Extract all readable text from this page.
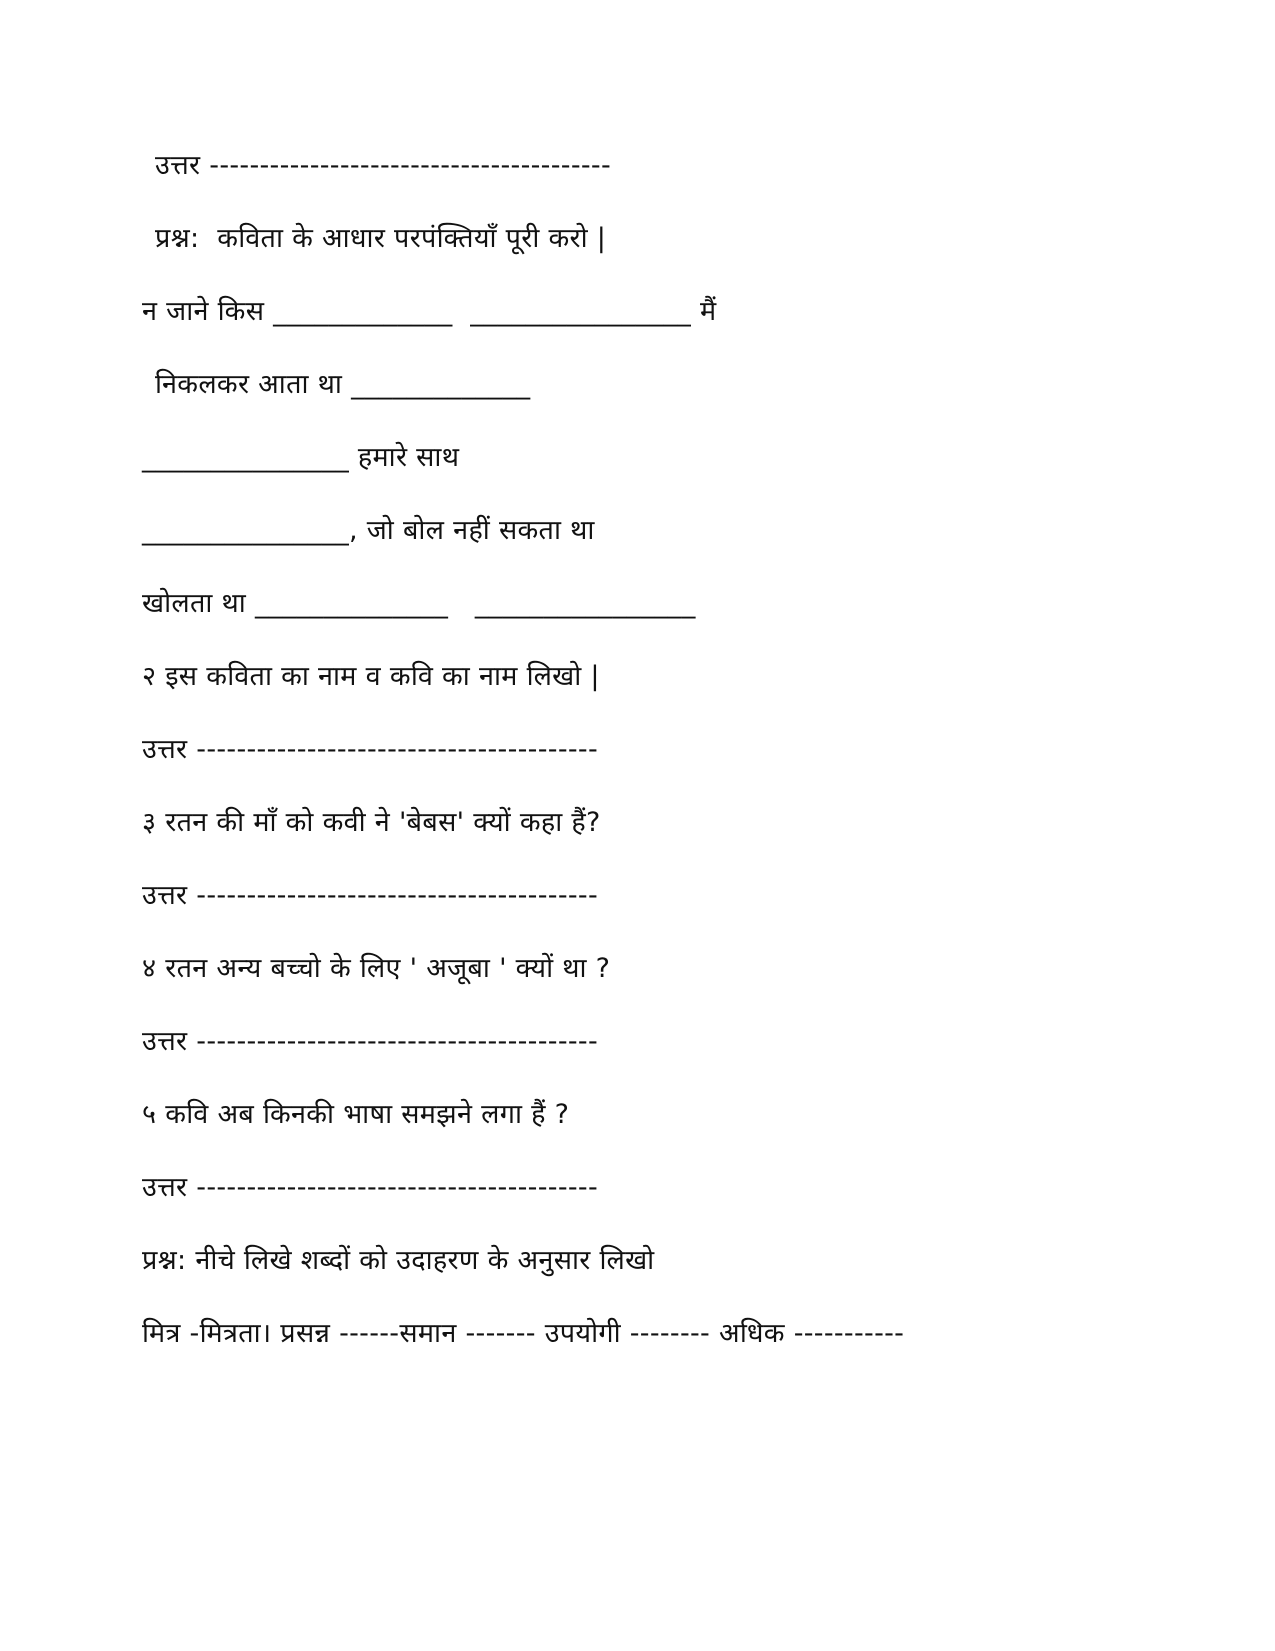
उत्तर ----------------------------------------
प्रश्न:  कविता के आधार परपंक्तियाँ पूरी करो |
न जाने किस _____________  ________________ मैं
निकलकर आता था _____________
_______________ हमारे साथ
_______________, जो बोल नहीं सकता था
खोलता था ______________   ________________
२ इस कविता का नाम व कवि का नाम लिखो |
उत्तर ----------------------------------------
३ रतन की माँ को कवी ने 'बेबस' क्यों कहा हैं?
उत्तर ----------------------------------------
४ रतन अन्य बच्चो के लिए ' अजूबा ' क्यों था ?
उत्तर ----------------------------------------
५ कवि अब किनकी भाषा समझने लगा हैं ?
उत्तर ----------------------------------------
प्रश्न: नीचे लिखे शब्दों को उदाहरण के अनुसार लिखो
मित्र -मित्रता। प्रसन्न ------समान ------- उपयोगी -------- अधिक -----------
